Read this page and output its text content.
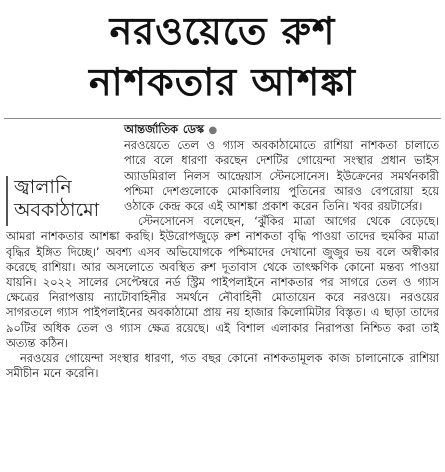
নরওয়েতে রুশ
নাশকতার আশঙ্কা
জ্বালানি
অবকাঠামো

আন্তর্জাতিক ডেস্ক ●

নরওয়েতে তেল ও গ্যাস অবকাঠামোতে রাশিয়া নাশকতা চালাতে পারে বলে ধারণা করছেন দেশটির গোয়েন্দা সংস্থার প্রধান ভাইস অ্যাডমিরাল নিলস আন্দ্রেয়াস স্টেনসোনেস। ইউক্রেনের সমর্থনকারী পশ্চিমা দেশগুলোকে মোকাবিলায় পুতিনের আরও বেপরোয়া হয়ে ওঠাকে কেন্দ্র করে এই আশঙ্কা প্রকাশ করেন তিনি। খবর রয়টার্সের।

স্টেনসোনেস বলেছেন, ‘ঝুঁকির মাত্রা আগের থেকে বেড়েছে। আমরা নাশকতার আশঙ্কা করছি। ইউরোপজুড়ে রুশ নাশকতা বৃদ্ধি পাওয়া তাদের হুমকির মাত্রা বৃদ্ধির ইঙ্গিত দিচ্ছে।’ অবশ্য এসব অভিযোগকে পশ্চিমাদের দেখানো জুজুর ভয় বলে অস্বীকার করেছে রাশিয়া। আর অসলোতে অবস্থিত রুশ দূতাবাস থেকে তাৎক্ষণিক কোনো মন্তব্য পাওয়া যায়নি। ২০২২ সালের সেপ্টেম্বরে নর্ড স্ট্রিম পাইপলাইনে নাশকতার পর সাগরে তেল ও গ্যাস ক্ষেত্রের নিরাপত্তায় ন্যাটোবাহিনীর সমর্থনে নৌবাহিনী মোতায়েন করে নরওয়ে। নরওয়ের সাগরতলে গ্যাস পাইপলাইনের অবকাঠামো প্রায় নয় হাজার কিলোমিটার বিস্তৃত। এ ছাড়া তাদের ৯০টির অধিক তেল ও গ্যাস ক্ষেত্র রয়েছে। এই বিশাল এলাকার নিরাপত্তা নিশ্চিত করা তাই অত্যন্ত কঠিন।

নরওয়ের গোয়েন্দা সংস্থার ধারণা, গত বছর কোনো নাশকতামূলক কাজ চালানোকে রাশিয়া সমীচীন মনে করেনি।
